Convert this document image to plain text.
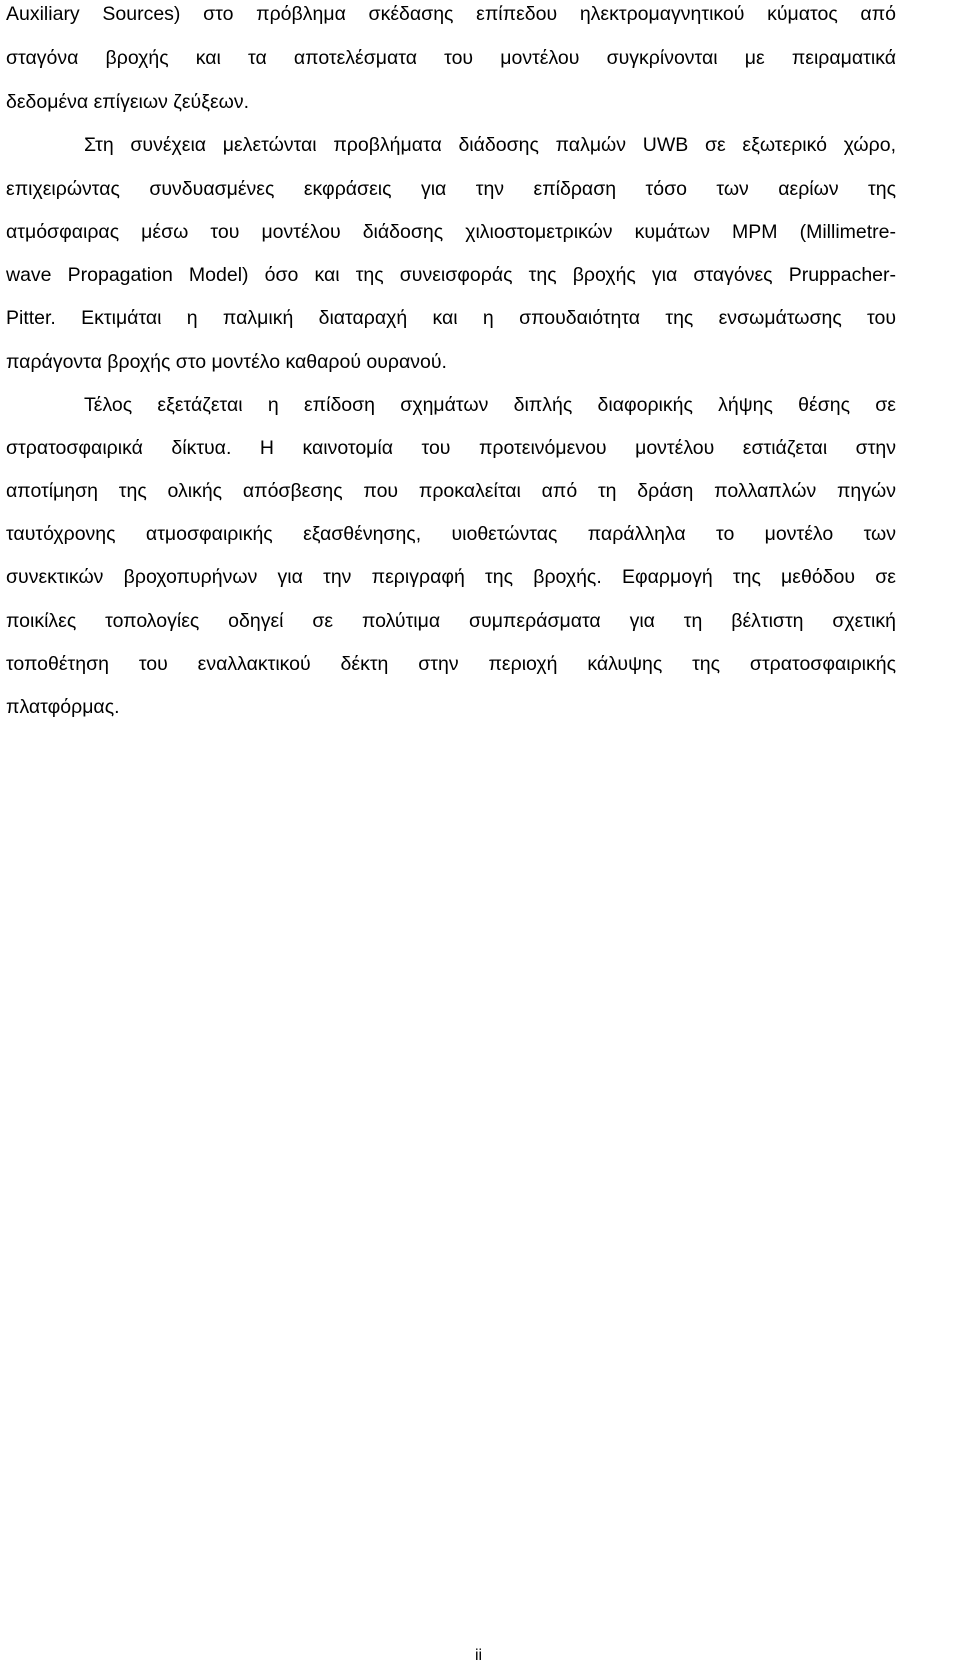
Auxiliary Sources) στο πρόβλημα σκέδασης επίπεδου ηλεκτρομαγνητικού κύματος από
σταγόνα βροχής και τα αποτελέσματα του μοντέλου συγκρίνονται με πειραματικά
δεδομένα επίγειων ζεύξεων.
Στη συνέχεια μελετώνται προβλήματα διάδοσης παλμών UWB σε εξωτερικό χώρο,
επιχειρώντας συνδυασμένες εκφράσεις για την επίδραση τόσο των αερίων της
ατμόσφαιρας μέσω του μοντέλου διάδοσης χιλιοστομετρικών κυμάτων MPM (Millimetre-
wave Propagation Model) όσο και της συνεισφοράς της βροχής για σταγόνες Pruppacher-
Pitter. Εκτιμάται η παλμική διαταραχή και η σπουδαιότητα της ενσωμάτωσης του
παράγοντα βροχής στο μοντέλο καθαρού ουρανού.
Τέλος εξετάζεται η επίδοση σχημάτων διπλής διαφορικής λήψης θέσης σε
στρατοσφαιρικά δίκτυα. Η καινοτομία του προτεινόμενου μοντέλου εστιάζεται στην
αποτίμηση της ολικής απόσβεσης που προκαλείται από τη δράση πολλαπλών πηγών
ταυτόχρονης ατμοσφαιρικής εξασθένησης, υιοθετώντας παράλληλα το μοντέλο των
συνεκτικών βροχοπυρήνων για την περιγραφή της βροχής. Εφαρμογή της μεθόδου σε
ποικίλες τοπολογίες οδηγεί σε πολύτιμα συμπεράσματα για τη βέλτιστη σχετική
τοποθέτηση του εναλλακτικού δέκτη στην περιοχή κάλυψης της στρατοσφαιρικής
πλατφόρμας.
ii
